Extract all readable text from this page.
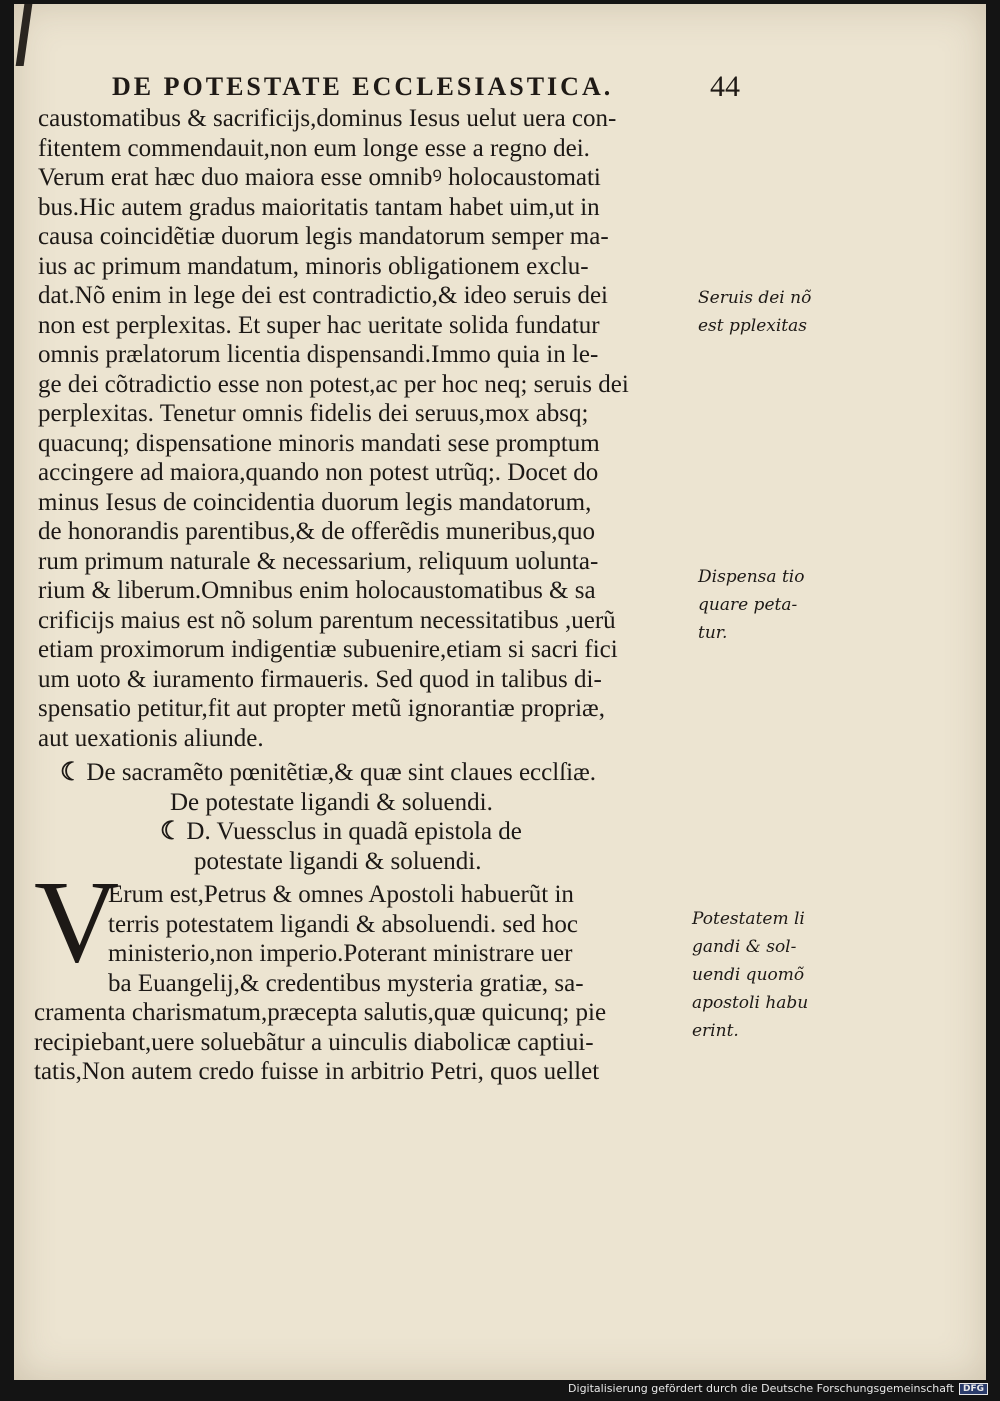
DE POTESTATE ECCLESIASTICA.	44
caustomatibus & sacrificijs,dominus Iesus uelut uera con-
fitentem commendauit,non eum longe esse a regno dei.
Verum erat hæc duo maiora esse omnibꝰ holocaustomati
bus.Hic autem gradus maioritatis tantam habet uim,ut in
causa coincidẽtiæ duorum legis mandatorum semper ma-
ius ac primum mandatum, minoris obligationem exclu-
dat.Nõ enim in lege dei est contradictio,& ideo seruis dei
non est perplexitas. Et super hac ueritate solida fundatur
omnis prælatorum licentia dispensandi.Immo quia in le-
ge dei cõtradictio esse non potest,ac per hoc neq; seruis dei
perplexitas. Tenetur omnis fidelis dei seruus,mox absq;
quacunq; dispensatione minoris mandati sese promptum
accingere ad maiora,quando non potest utrũq;. Docet do
minus Iesus de coincidentia duorum legis mandatorum,
de honorandis parentibus,& de offerẽdis muneribus,quo
rum primum naturale & necessarium, reliquum uolunta-
rium & liberum.Omnibus enim holocaustomatibus & sa
crificijs maius est nõ solum parentum necessitatibus ,uerũ
etiam proximorum indigentiæ subuenire,etiam si sacri fici
um uoto & iuramento firmaueris. Sed quod in talibus di-
spensatio petitur,fit aut propter metũ ignorantiæ propriæ,
aut uexationis aliunde.
☾ De sacramẽto pœnitẽtiæ,& quæ sint claues ecclſiæ.
De potestate ligandi & soluendi.
☾ D. Vuessclus in quadã epistola de
potestate ligandi & soluendi.
V
Erum est,Petrus & omnes Apostoli habuerũt in
terris potestatem ligandi & absoluendi. sed hoc
ministerio,non imperio.Poterant ministrare uer
ba Euangelij,& credentibus mysteria gratiæ, sa-
cramenta charismatum,præcepta salutis,quæ quicunq; pie
recipiebant,uere soluebãtur a uinculis diabolicæ captiui-
tatis,Non autem credo fuisse in arbitrio Petri, quos uellet
Seruis dei nõ
est pplexitas
Dispensa tio
quare peta-
tur.
Potestatem li
gandi & sol-
uendi quomõ
apostoli habu
erint.
Digitalisierung gefördert durch die Deutsche Forschungsgemeinschaft	DFG
